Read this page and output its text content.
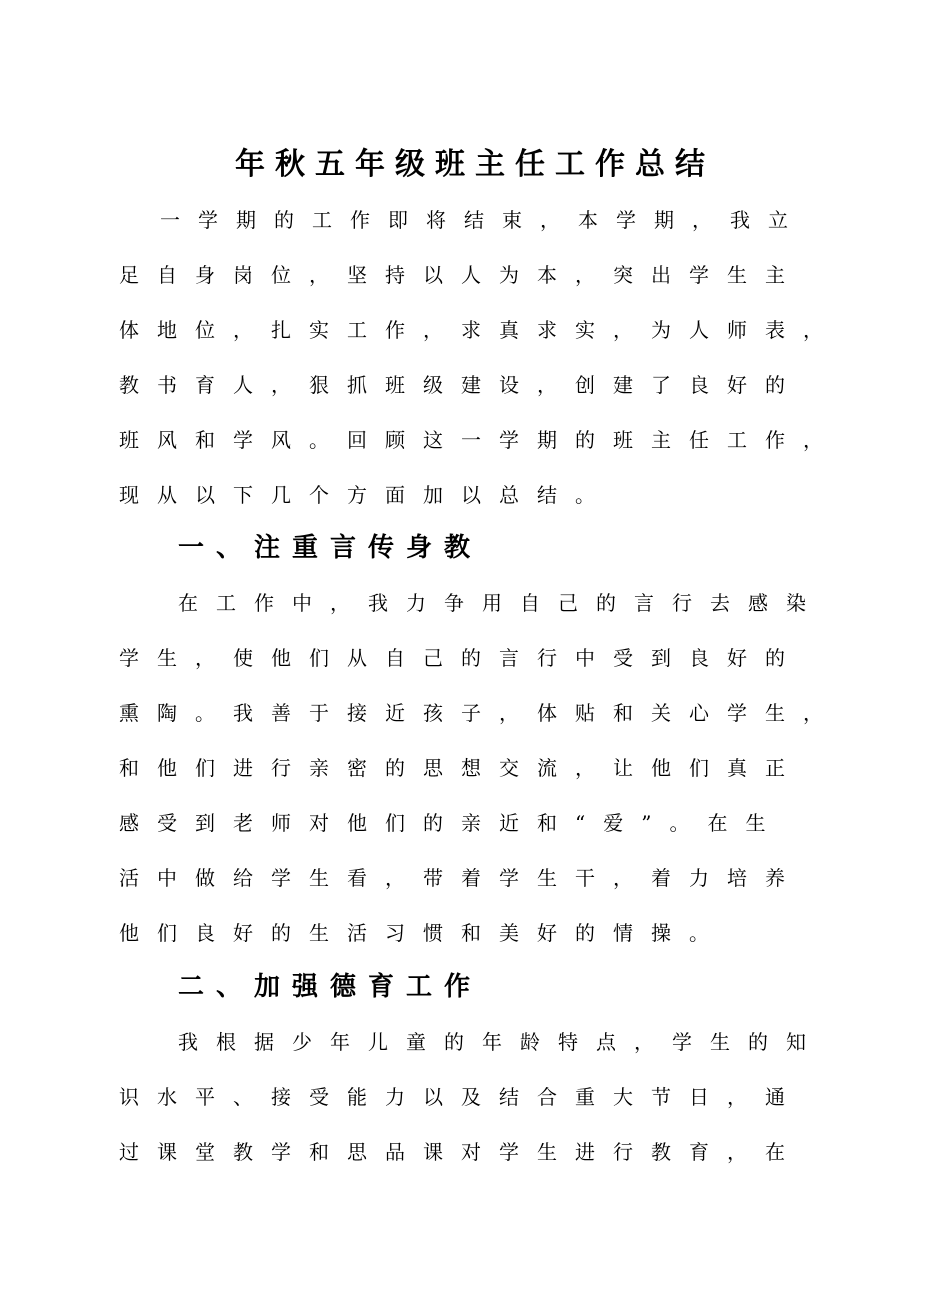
年秋五年级班主任工作总结
一学期的工作即将结束，本学期，我立
足自身岗位，坚持以人为本，突出学生主
体地位，扎实工作，求真求实，为人师表，
教书育人，狠抓班级建设，创建了良好的
班风和学风。回顾这一学期的班主任工作，
现从以下几个方面加以总结。
一、注重言传身教
在工作中，我力争用自己的言行去感染
学生，使他们从自己的言行中受到良好的
熏陶。我善于接近孩子，体贴和关心学生，
和他们进行亲密的思想交流，让他们真正
感受到老师对他们的亲近和“爱”。在生
活中做给学生看，带着学生干，着力培养
他们良好的生活习惯和美好的情操。
二、加强德育工作
我根据少年儿童的年龄特点，学生的知
识水平、接受能力以及结合重大节日，通
过课堂教学和思品课对学生进行教育，在
